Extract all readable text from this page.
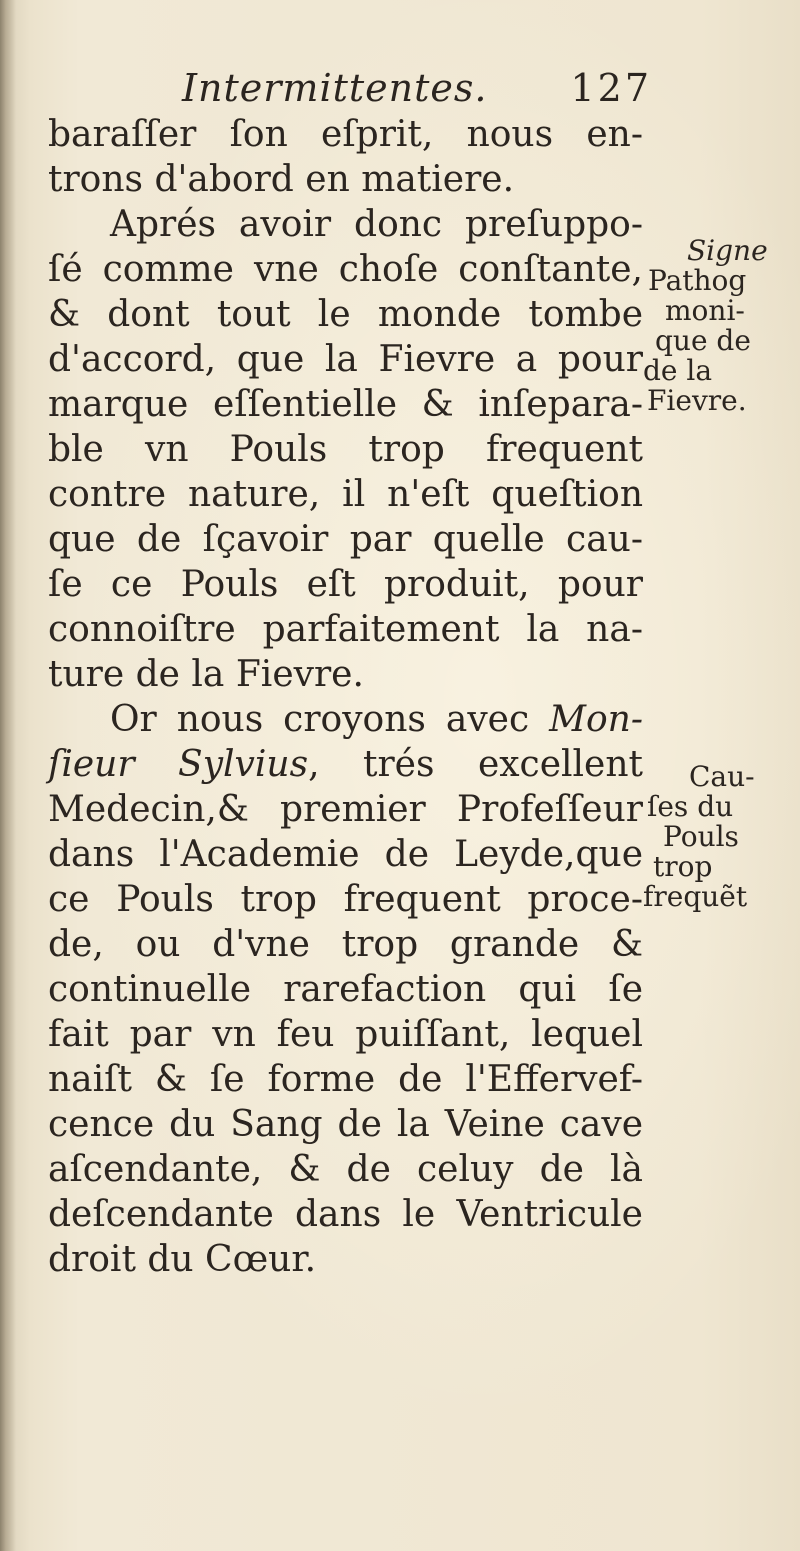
Intermittentes. 127
baraſſer ſon eſprit, nous en-
trons d'abord en matiere.
Aprés avoir donc preſuppo-
ſé comme vne choſe conſtante,
& dont tout le monde tombe
d'accord, que la Fievre a pour
marque eſſentielle & inſepara-
ble vn Pouls trop frequent
contre nature, il n'eſt queſtion
que de ſçavoir par quelle cau-
ſe ce Pouls eſt produit, pour
connoiſtre parfaitement la na-
ture de la Fievre.
Or nous croyons avec Mon-
ſieur Sylvius, trés excellent
Medecin,& premier Profeſſeur
dans l'Academie de Leyde,que
ce Pouls trop frequent proce-
de, ou d'vne trop grande &
continuelle rarefaction qui ſe
fait par vn feu puiſſant, lequel
naiſt & ſe forme de l'Effervef-
cence du Sang de la Veine cave
aſcendante, & de celuy de là
deſcendante dans le Ventricule
droit du Cœur.
Signe
Pathog
moni-
que de
de la
Fievre.
Cau-
ſes du
Pouls
trop
frequẽt
